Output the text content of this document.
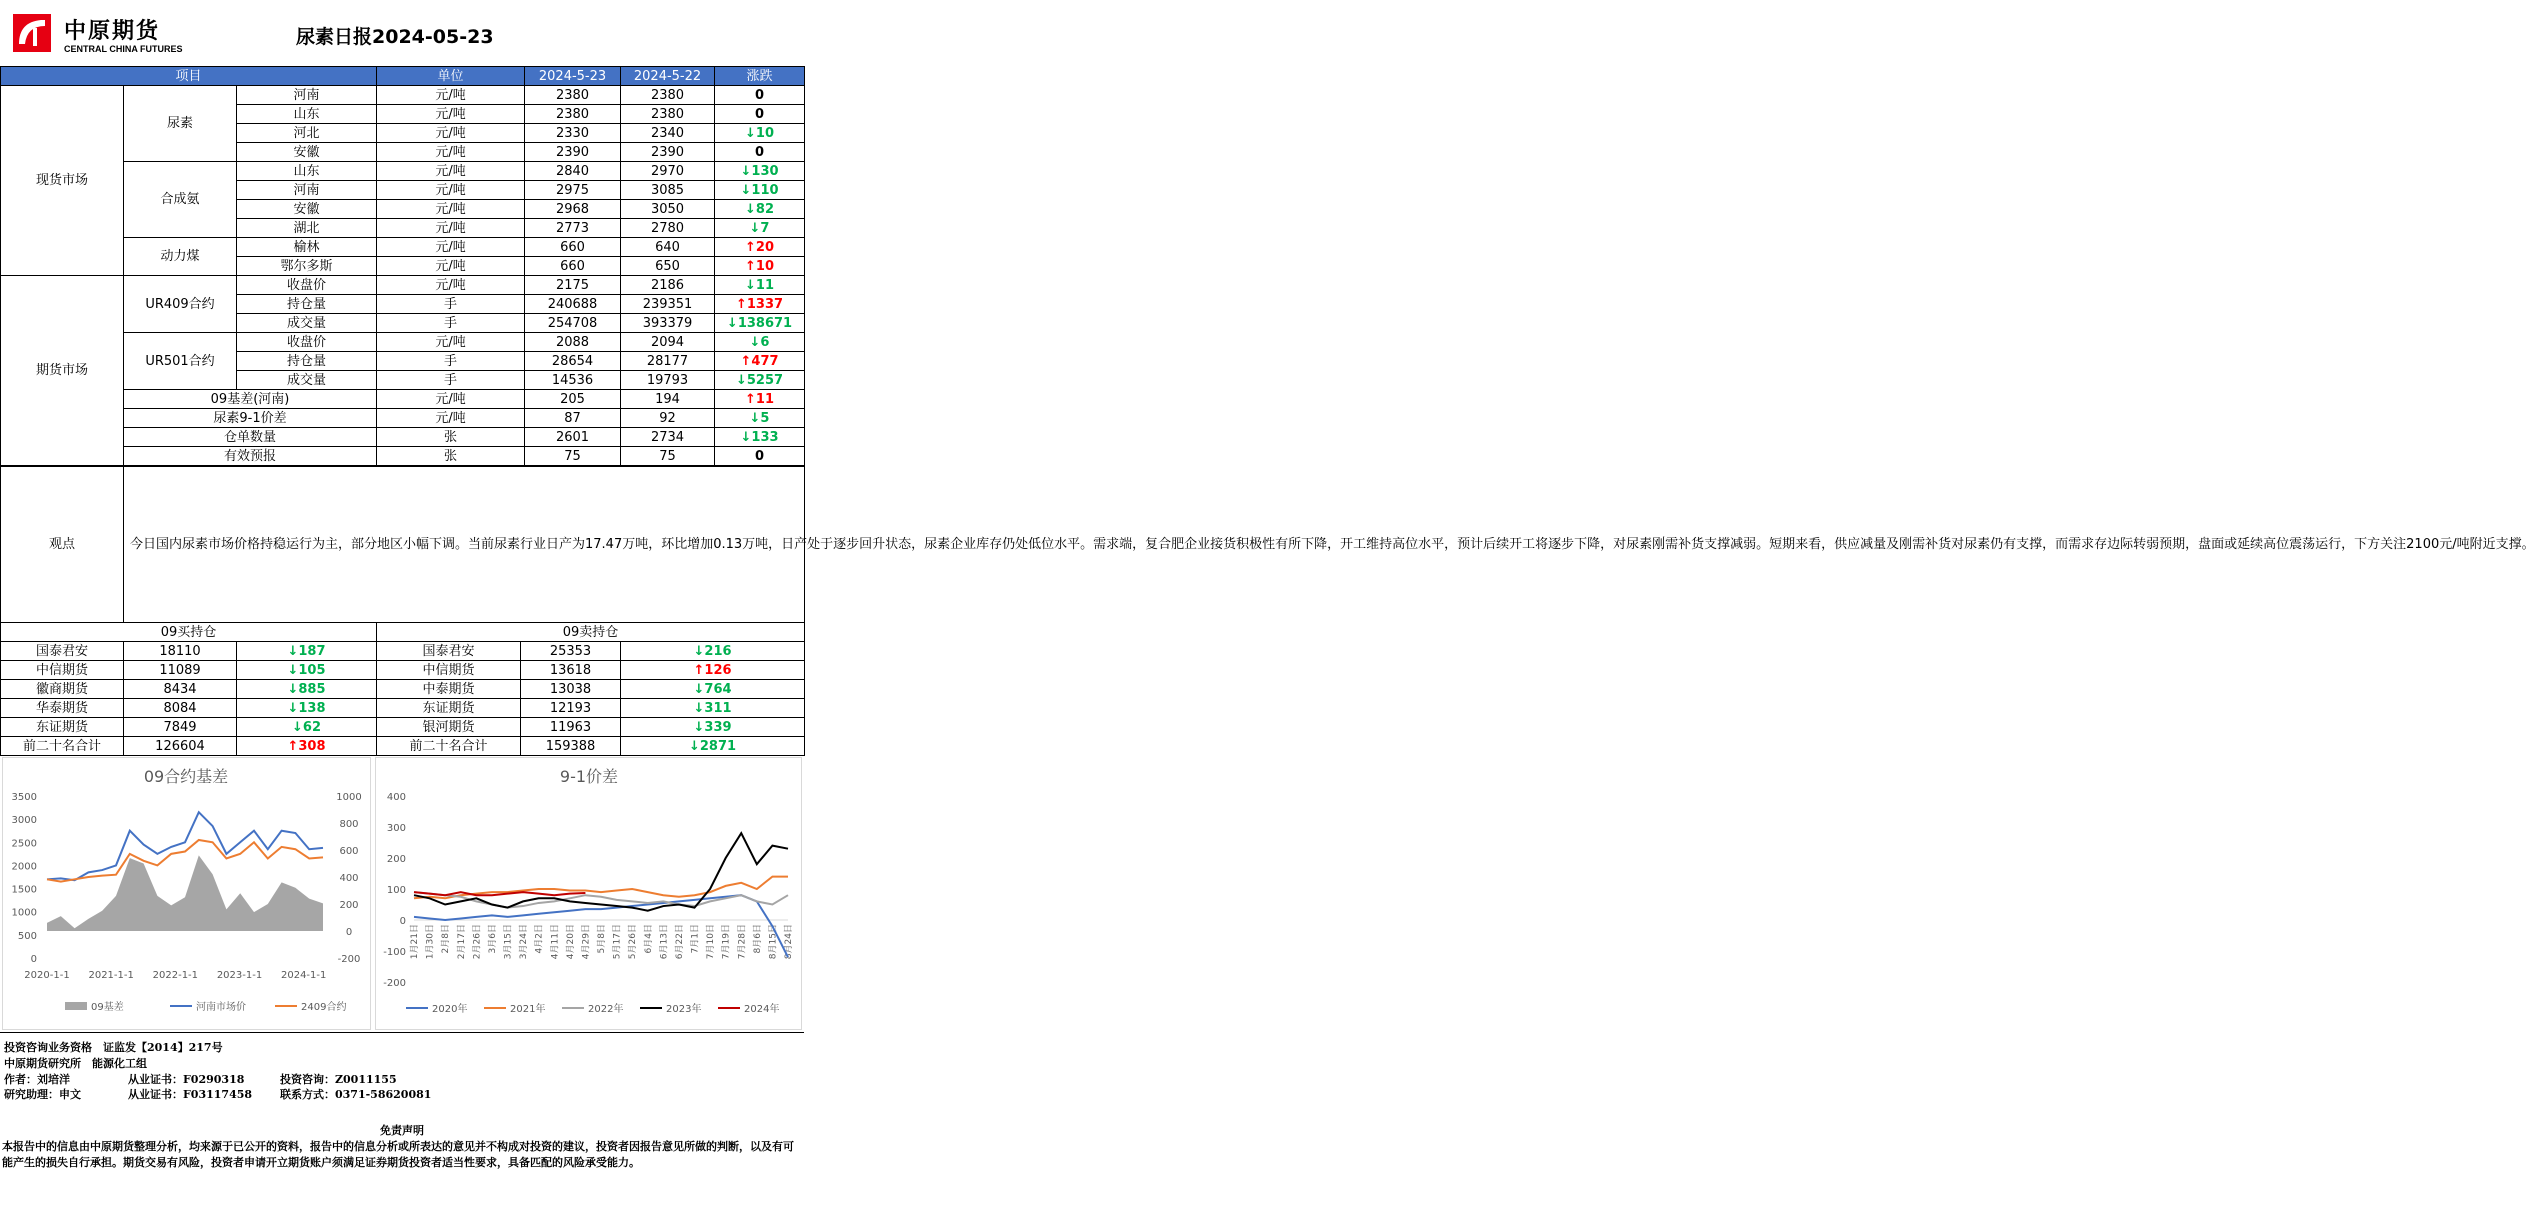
中原期货
CENTRAL CHINA FUTURES
尿素日报2024-05-23
项目			单位	2024-5-23	2024-5-22	涨跌
现货市场	尿素	河南	元/吨	2380	2380	0
		山东	元/吨	2380	2380	0
		河北	元/吨	2330	2340	↓10
		安徽	元/吨	2390	2390	0
	合成氨	山东	元/吨	2840	2970	↓130
		河南	元/吨	2975	3085	↓110
		安徽	元/吨	2968	3050	↓82
		湖北	元/吨	2773	2780	↓7
	动力煤	榆林	元/吨	660	640	↑20
		鄂尔多斯	元/吨	660	650	↑10
期货市场	UR409合约	收盘价	元/吨	2175	2186	↓11
		持仓量	手	240688	239351	↑1337
		成交量	手	254708	393379	↓138671
	UR501合约	收盘价	元/吨	2088	2094	↓6
		持仓量	手	28654	28177	↑477
		成交量	手	14536	19793	↓5257
	09基差(河南)		元/吨	205	194	↑11
	尿素9-1价差		元/吨	87	92	↓5
	仓单数量		张	2601	2734	↓133
	有效预报		张	75	75	0
观点	今日国内尿素市场价格持稳运行为主，部分地区小幅下调。当前尿素行业日产为17.47万吨，环比增加0.13万吨，日产处于逐步回升状态，尿素企业库存仍处低位水平。需求端，复合肥企业接货积极性有所下降，开工维持高位水平，预计后续开工将逐步下降，对尿素刚需补货支撑减弱。短期来看，供应减量及刚需补货对尿素仍有支撑，而需求存边际转弱预期，盘面或延续高位震荡运行，下方关注2100元/吨附近支撑。
09买持仓			09卖持仓		
国泰君安	18110	↓187	国泰君安	25353	↓216
中信期货	11089	↓105	中信期货	13618	↑126
徽商期货	8434	↓885	中泰期货	13038	↓764
华泰期货	8084	↓138	东证期货	12193	↓311
东证期货	7849	↓62	银河期货	11963	↓339
前二十名合计	126604	↑308	前二十名合计	159388	↓2871
09合约基差
3500
3000
2500
2000
1500
1000
500
0
1000
800
600
400
200
0
-200
2020-1-1 2021-1-1 2022-1-1 2023-1-1 2024-1-1
09基差	河南市场价	2409合约
9-1价差
400
300
200
100
0
-100
-200
1月21日 1月30日 2月8日 2月17日 2月26日 3月6日 3月15日 3月24日 4月2日 4月11日 4月20日 4月29日 5月8日 5月17日 5月26日 6月4日 6月13日 6月22日 7月1日 7月10日 7月19日 7月28日 8月6日 8月15日 8月24日
2020年	2021年	2022年	2023年	2024年
投资咨询业务资格　证监发【2014】217号
中原期货研究所　能源化工组
作者：刘培洋	从业证书：F0290318	投资咨询：Z0011155
研究助理：申文	从业证书：F03117458	联系方式：0371-58620081
免责声明
本报告中的信息由中原期货整理分析，均来源于已公开的资料，报告中的信息分析或所表达的意见并不构成对投资的建议，投资者因报告意见所做的判断，以及有可能产生的损失自行承担。期货交易有风险，投资者申请开立期货账户须满足证券期货投资者适当性要求，具备匹配的风险承受能力。
